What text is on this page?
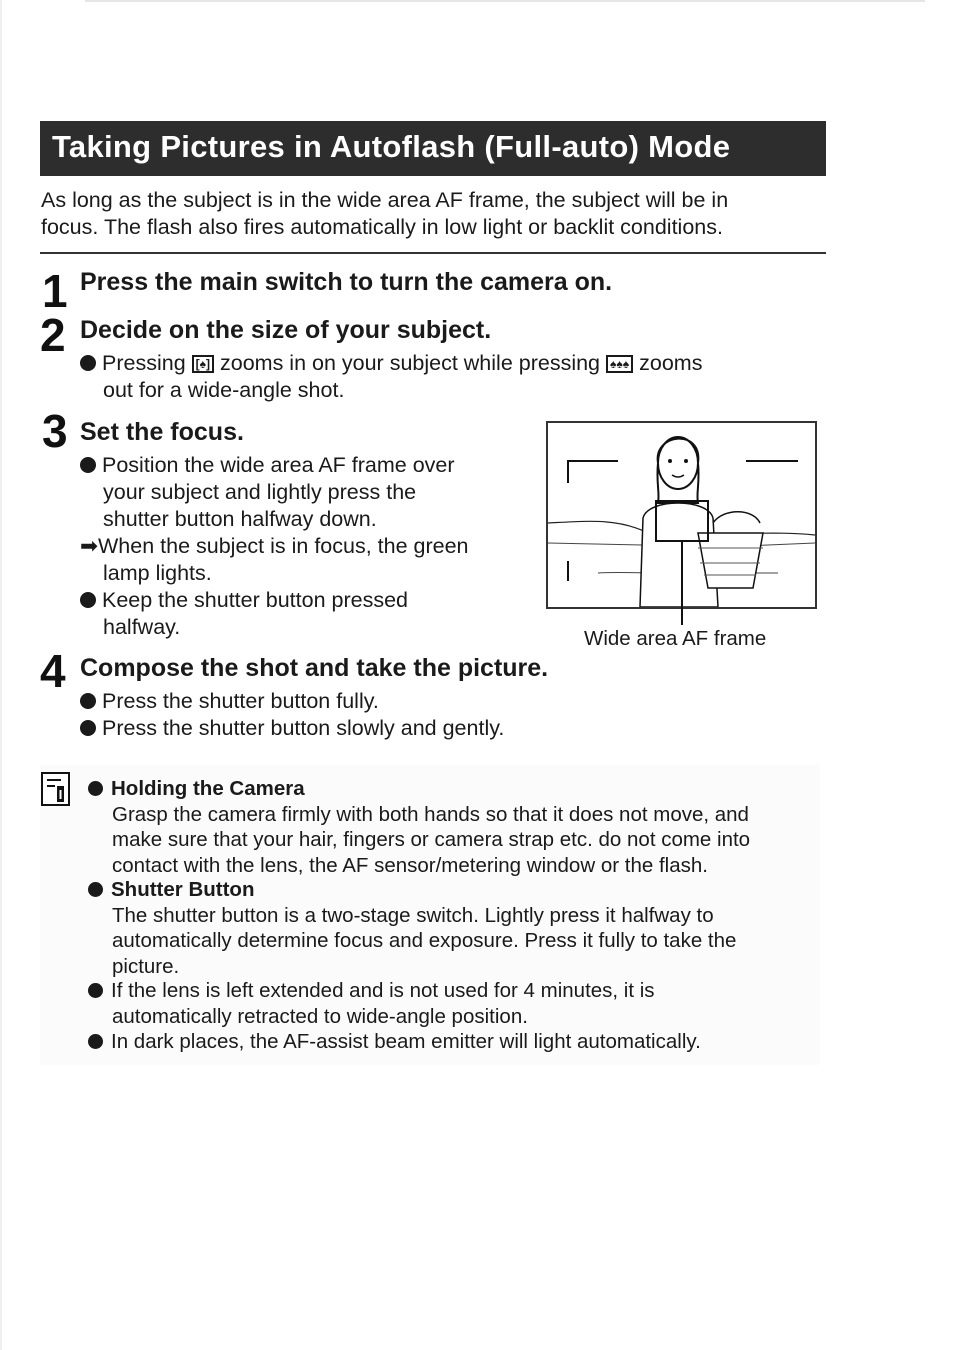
Taking Pictures in Autoflash (Full-auto) Mode
As long as the subject is in the wide area AF frame, the subject will be in
focus. The flash also fires automatically in low light or backlit conditions.
1 Press the main switch to turn the camera on.
2 Decide on the size of your subject.
Pressing [♠] zooms in on your subject while pressing ♠♠♠ zooms
out for a wide-angle shot.
3 Set the focus.
Position the wide area AF frame over
your subject and lightly press the
shutter button halfway down.
➡When the subject is in focus, the green
lamp lights.
Keep the shutter button pressed
halfway.	Wide area AF frame
4 Compose the shot and take the picture.
Press the shutter button fully.
Press the shutter button slowly and gently.
Holding the Camera
Grasp the camera firmly with both hands so that it does not move, and
make sure that your hair, fingers or camera strap etc. do not come into
contact with the lens, the AF sensor/metering window or the flash.
Shutter Button
The shutter button is a two-stage switch. Lightly press it halfway to
automatically determine focus and exposure. Press it fully to take the
picture.
If the lens is left extended and is not used for 4 minutes, it is
automatically retracted to wide-angle position.
In dark places, the AF-assist beam emitter will light automatically.
